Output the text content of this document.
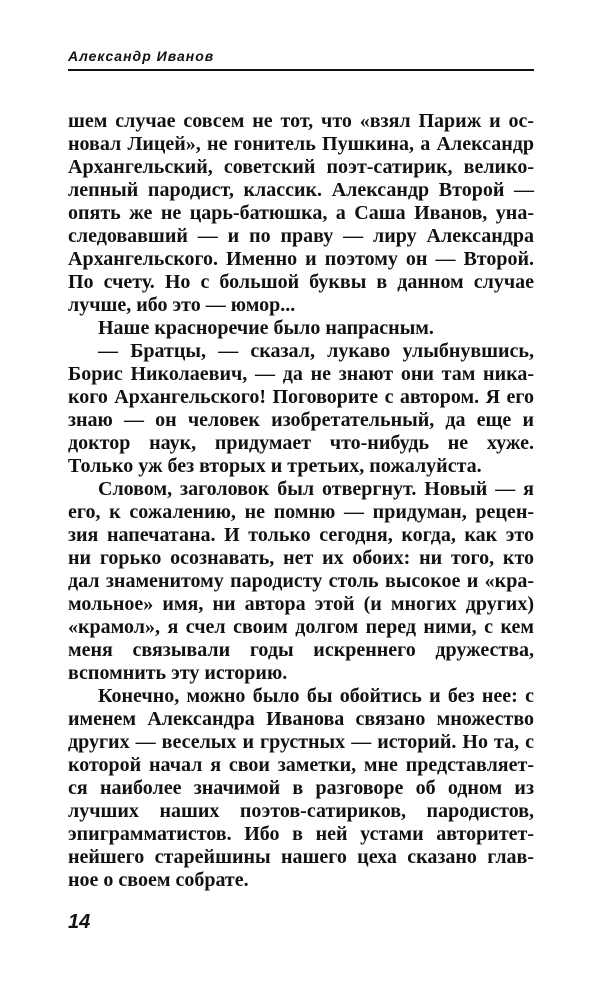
Александр Иванов
шем случае совсем не тот, что «взял Париж и ос-
новал Лицей», не гонитель Пушкина, а Александр
Архангельский, советский поэт-сатирик, велико-
лепный пародист, классик. Александр Второй —
опять же не царь-батюшка, а Саша Иванов, уна-
следовавший — и по праву — лиру Александра
Архангельского. Именно и поэтому он — Второй.
По счету. Но с большой буквы в данном случае
лучше, ибо это — юмор...
Наше красноречие было напрасным.
— Братцы, — сказал, лукаво улыбнувшись,
Борис Николаевич, — да не знают они там ника-
кого Архангельского! Поговорите с автором. Я его
знаю — он человек изобретательный, да еще и
доктор наук, придумает что-нибудь не хуже.
Только уж без вторых и третьих, пожалуйста.
Словом, заголовок был отвергнут. Новый — я
его, к сожалению, не помню — придуман, рецен-
зия напечатана. И только сегодня, когда, как это
ни горько осознавать, нет их обоих: ни того, кто
дал знаменитому пародисту столь высокое и «кра-
мольное» имя, ни автора этой (и многих других)
«крамол», я счел своим долгом перед ними, с кем
меня связывали годы искреннего дружества,
вспомнить эту историю.
Конечно, можно было бы обойтись и без нее: с
именем Александра Иванова связано множество
других — веселых и грустных — историй. Но та, с
которой начал я свои заметки, мне представляет-
ся наиболее значимой в разговоре об одном из
лучших наших поэтов-сатириков, пародистов,
эпиграмматистов. Ибо в ней устами авторитет-
нейшего старейшины нашего цеха сказано глав-
ное о своем собрате.
14
